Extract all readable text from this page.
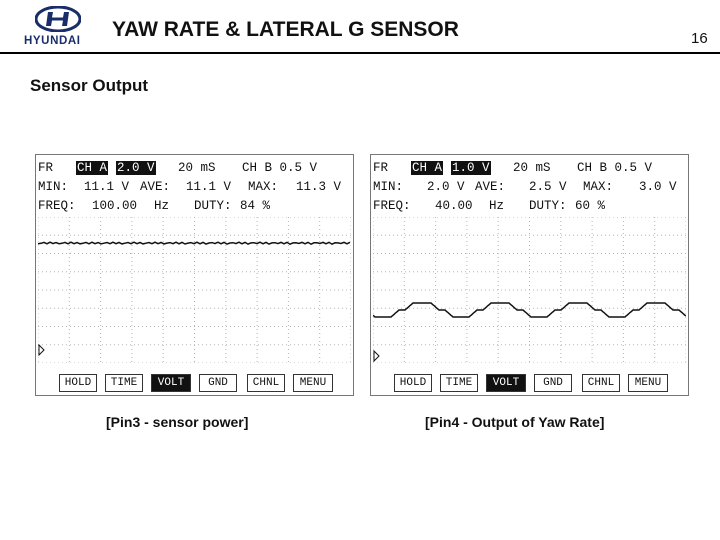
HYUNDAI	YAW RATE & LATERAL G SENSOR	16
Sensor Output

FR

CH A

2.0 V

20 mS

CH B 0.5 V

MIN:

11.1 V

AVE:

11.1 V

MAX:

11.3 V

FREQ:

100.00

Hz

DUTY:

84 %

HOLD	TIME	VOLT	GND	CHNL	MENU

FR

CH A

1.0 V

20 mS

CH B 0.5 V

MIN:

2.0 V

AVE:

2.5 V

MAX:

3.0 V

FREQ:

40.00

Hz

DUTY:

60 %

HOLD	TIME	VOLT	GND	CHNL	MENU
[Pin3 - sensor power]	[Pin4 - Output of Yaw Rate]
